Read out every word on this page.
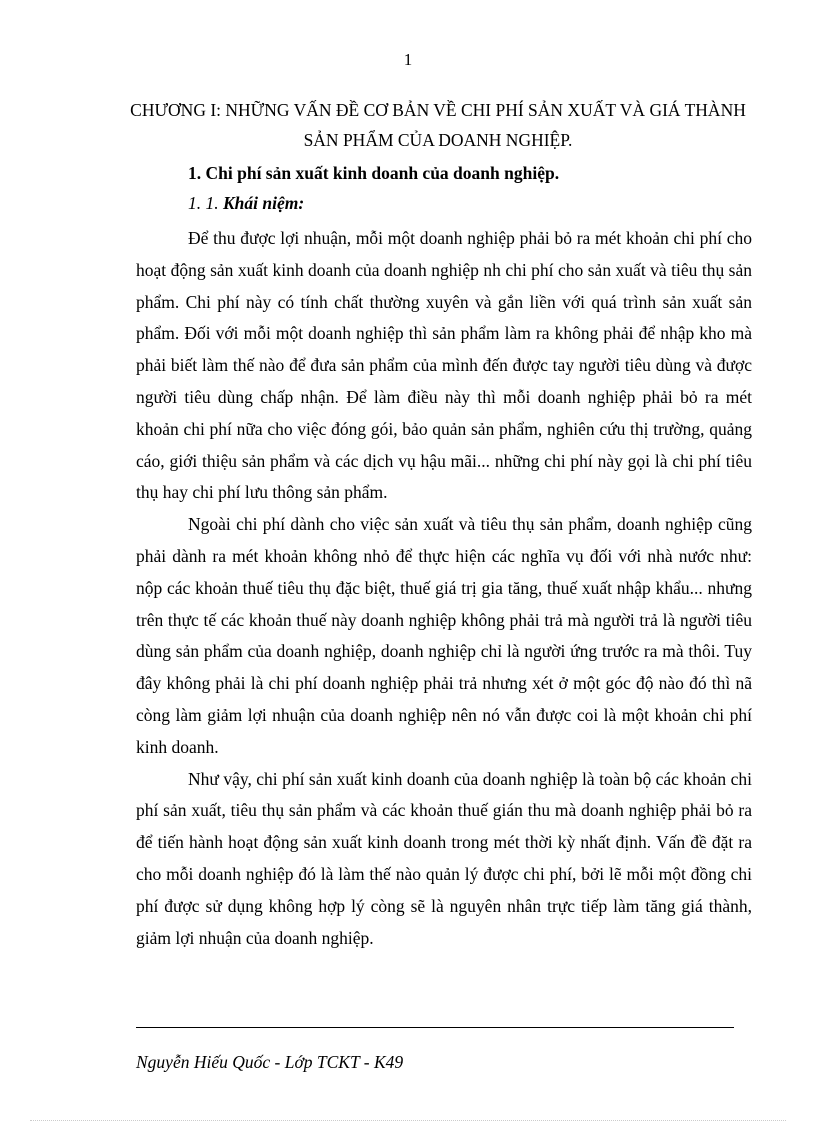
1
CHƯƠNG I: NHỮNG VẤN ĐỀ CƠ BẢN VỀ CHI PHÍ SẢN XUẤT VÀ GIÁ THÀNH SẢN PHẨM CỦA DOANH NGHIỆP.
1. Chi phí sản xuất kinh doanh của doanh nghiệp.
1. 1. Khái niệm:

Để thu được lợi nhuận, mỗi một doanh nghiệp phải bỏ ra mét khoản chi phí cho hoạt động sản xuất kinh doanh của doanh nghiệp nh chi phí cho sản xuất và tiêu thụ sản phẩm. Chi phí này có tính chất thường xuyên và gắn liền với quá trình sản xuất sản phẩm. Đối với mỗi một doanh nghiệp thì sản phẩm làm ra không phải để nhập kho mà phải biết làm thế nào để đưa sản phẩm của mình đến được tay người tiêu dùng và được người tiêu dùng chấp nhận. Để làm điều này thì mỗi doanh nghiệp phải bỏ ra mét khoản chi phí nữa cho việc đóng gói, bảo quản sản phẩm, nghiên cứu thị trường, quảng cáo, giới thiệu sản phẩm và các dịch vụ hậu mãi... những chi phí này gọi là chi phí tiêu thụ hay chi phí lưu thông sản phẩm.

Ngoài chi phí dành cho việc sản xuất và tiêu thụ sản phẩm, doanh nghiệp cũng phải dành ra mét khoản không nhỏ để thực hiện các nghĩa vụ đối với nhà nước như: nộp các khoản thuế tiêu thụ đặc biệt, thuế giá trị gia tăng, thuế xuất nhập khẩu... nhưng trên thực tế các khoản thuế này doanh nghiệp không phải trả mà người trả là người tiêu dùng sản phẩm của doanh nghiệp, doanh nghiệp chỉ là người ứng trước ra mà thôi. Tuy đây không phải là chi phí doanh nghiệp phải trả nhưng xét ở một góc độ nào đó thì nã còng làm giảm lợi nhuận của doanh nghiệp nên nó vẫn được coi là một khoản chi phí kinh doanh.

Như vậy, chi phí sản xuất kinh doanh của doanh nghiệp là toàn bộ các khoản chi phí sản xuất, tiêu thụ sản phẩm và các khoản thuế gián thu mà doanh nghiệp phải bỏ ra để tiến hành hoạt động sản xuất kinh doanh trong mét thời kỳ nhất định. Vấn đề đặt ra cho mỗi doanh nghiệp đó là làm thế nào quản lý được chi phí, bởi lẽ mỗi một đồng chi phí được sử dụng không hợp lý còng sẽ là nguyên nhân trực tiếp làm tăng giá thành, giảm lợi nhuận của doanh nghiệp.

Nguyễn Hiếu Quốc - Lớp TCKT - K49
